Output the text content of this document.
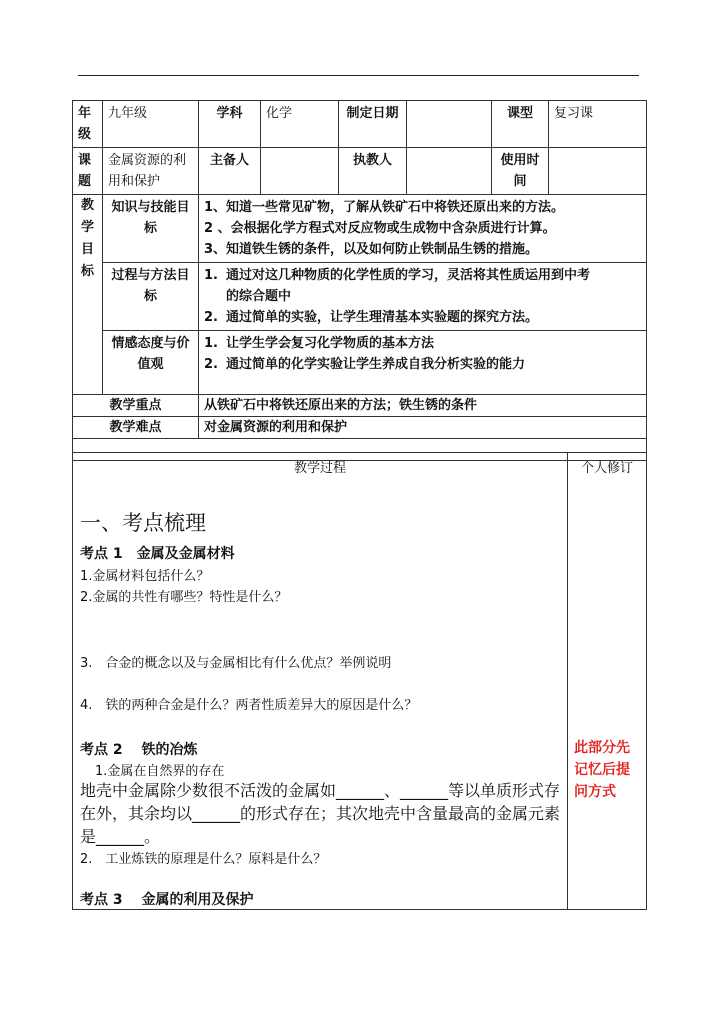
年级	九年级	学科	化学	制定日期		课型	复习课
课题	金属资源的利用和保护	主备人		执教人		使用时间	
教学目标	知识与技能目标	1、知道一些常见矿物，了解从铁矿石中将铁还原出来的方法。
2 、会根据化学方程式对反应物或生成物中含杂质进行计算。
3、知道铁生锈的条件，以及如何防止铁制品生锈的措施。					

	过程与方法目标	1. 通过对这几种物质的化学性质的学习，灵活将其性质运用到中考
的综合题中
2. 通过简单的实验，让学生理清基本实验题的探究方法。					

	情感态度与价值观	1. 让学生学会复习化学物质的基本方法
2. 通过简单的化学实验让学生养成自我分析实验的能力					

教学重点		从铁矿石中将铁还原出来的方法；铁生锈的条件					
教学难点		对金属资源的利用和保护					

教学过程
一、考点梳理
考点 1　金属及金属材料
1.金属材料包括什么？
2.金属的共性有哪些？特性是什么？
3.　合金的概念以及与金属相比有什么优点？举例说明
4.　铁的两种合金是什么？两者性质差异大的原因是什么？
考点 2　 铁的冶炼
1.金属在自然界的存在
地壳中金属除少数很不活泼的金属如______、______等以单质形式存在外，其余均以______的形式存在；其次地壳中含量最高的金属元素是______。
2.　工业炼铁的原理是什么？原料是什么？
考点 3　 金属的利用及保护

个人修订
此部分先记忆后提问方式
